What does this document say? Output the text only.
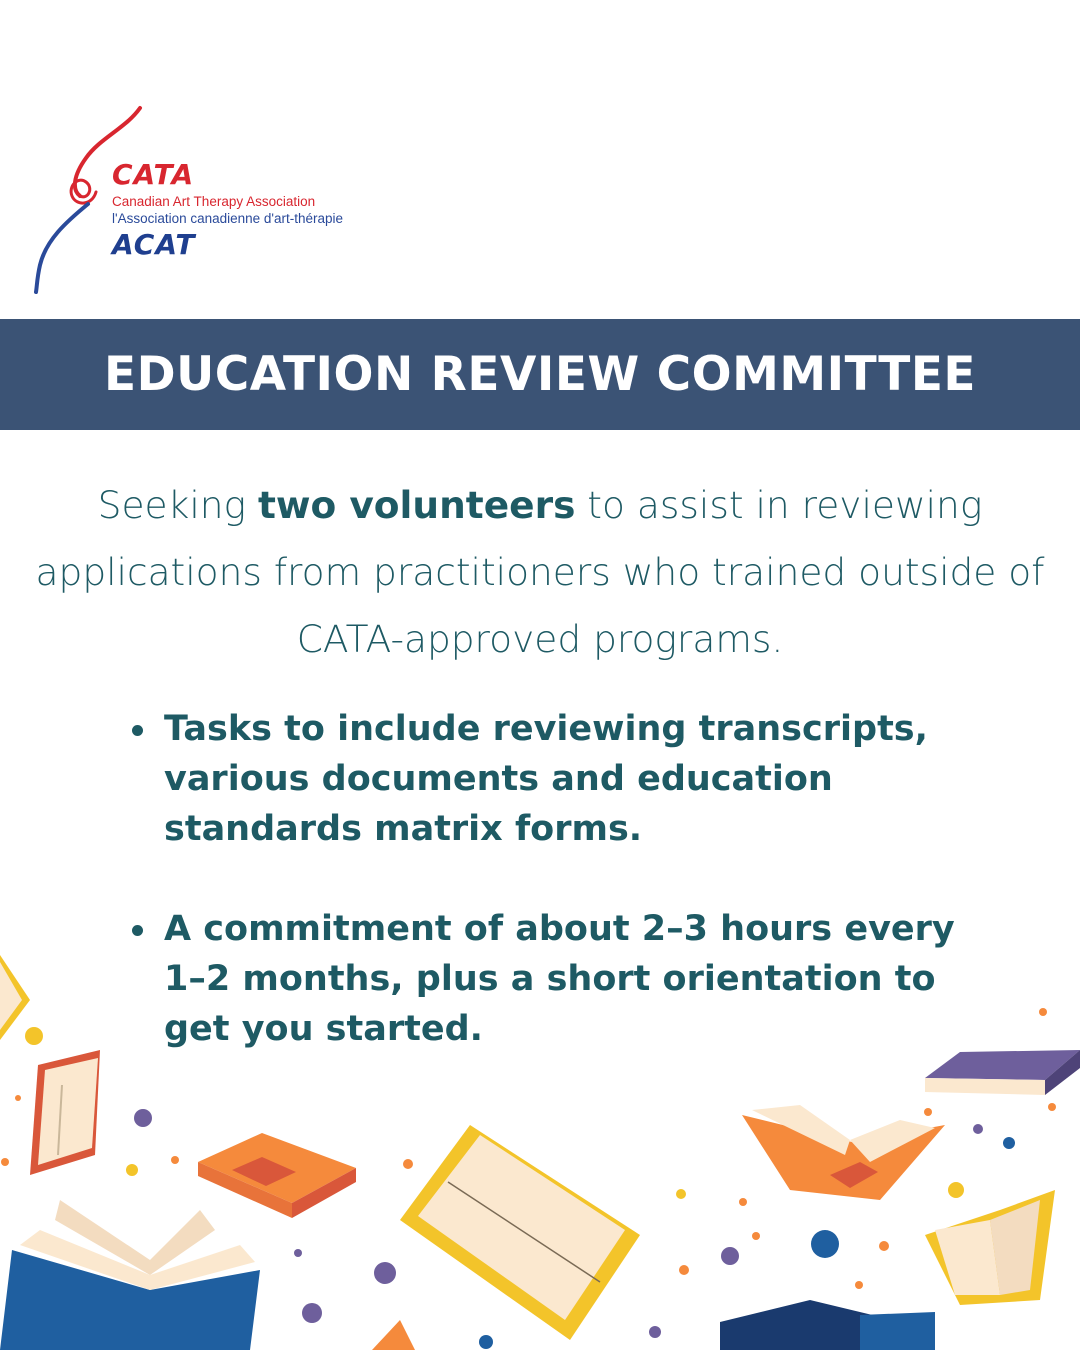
CATA
Canadian Art Therapy Association
l'Association canadienne d'art-thérapie
ACAT
EDUCATION REVIEW COMMITTEE
Seeking two volunteers to assist in reviewing applications from practitioners who trained outside of CATA-approved programs.
Tasks to include reviewing transcripts, various documents and education standards matrix forms.
A commitment of about 2–3 hours every 1–2 months, plus a short orientation to get you started.
